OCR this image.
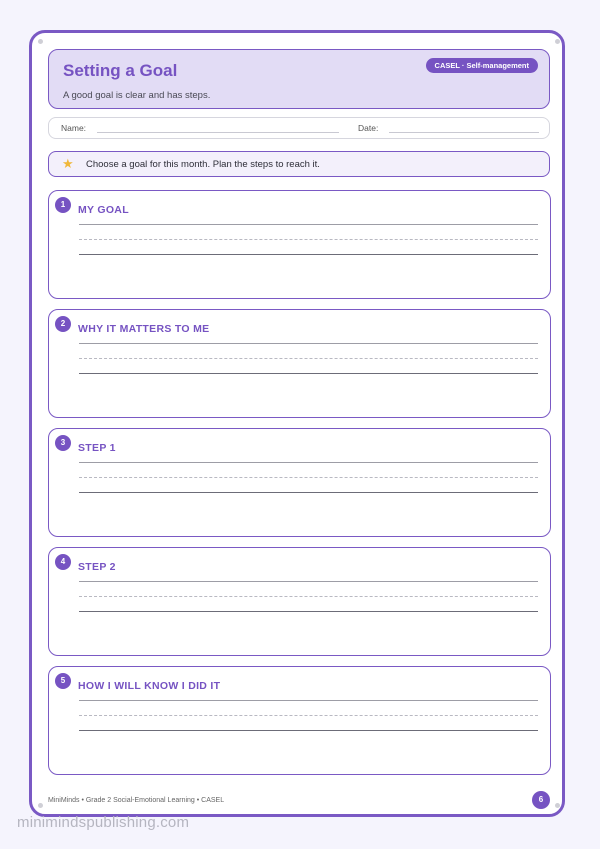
Setting a Goal
A good goal is clear and has steps.
CASEL · Self-management
Name:	Date:
★ Choose a goal for this month. Plan the steps to reach it.
1	MY GOAL
2	WHY IT MATTERS TO ME
3	STEP 1
4	STEP 2
5	HOW I WILL KNOW I DID IT
MiniMinds • Grade 2 Social-Emotional Learning • CASEL	6
minimindspublishing.com
